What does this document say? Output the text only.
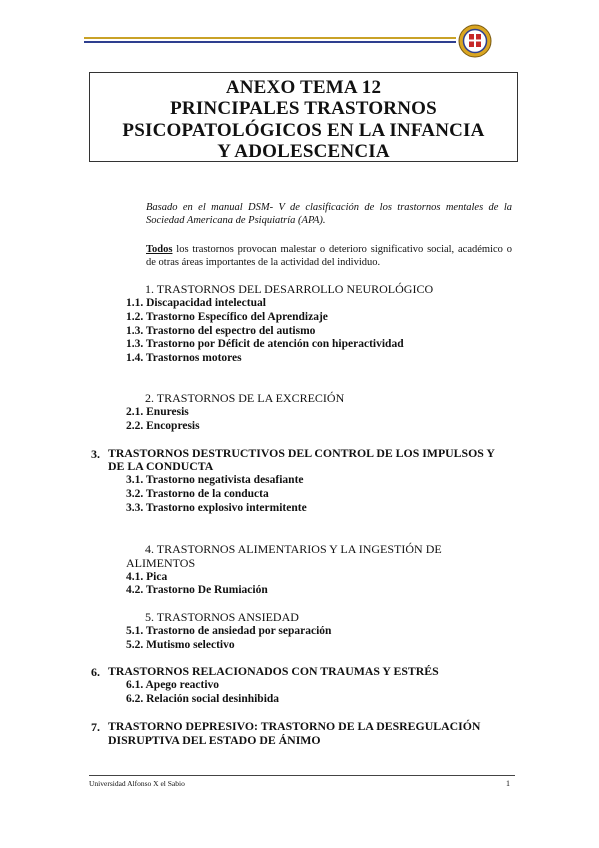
ANEXO TEMA 12
PRINCIPALES TRASTORNOS
PSICOPATOLÓGICOS EN LA INFANCIA
Y ADOLESCENCIA
Basado en el manual DSM- V de clasificación de los trastornos mentales de la Sociedad Americana de Psiquiatría (APA).
Todos los trastornos provocan malestar o deterioro significativo social, académico o de otras áreas importantes de la actividad del individuo.
1. TRASTORNOS DEL DESARROLLO NEUROLÓGICO
1.1. Discapacidad intelectual
1.2. Trastorno Específico del Aprendizaje
1.3. Trastorno del espectro del autismo
1.3. Trastorno por Déficit de atención con hiperactividad
1.4. Trastornos motores
2. TRASTORNOS DE LA EXCRECIÓN
2.1. Enuresis
2.2. Encopresis
3. TRASTORNOS DESTRUCTIVOS DEL CONTROL DE LOS IMPULSOS Y
DE LA CONDUCTA
3.1. Trastorno negativista desafiante
3.2. Trastorno de la conducta
3.3. Trastorno explosivo intermitente
4. TRASTORNOS ALIMENTARIOS Y LA INGESTIÓN DE
ALIMENTOS
4.1. Pica
4.2. Trastorno De Rumiación
5. TRASTORNOS ANSIEDAD
5.1. Trastorno de ansiedad por separación
5.2. Mutismo selectivo
6. TRASTORNOS RELACIONADOS CON TRAUMAS Y ESTRÉS
6.1. Apego reactivo
6.2. Relación social desinhibida
7. TRASTORNO DEPRESIVO: TRASTORNO DE LA DESREGULACIÓN
DISRUPTIVA DEL ESTADO DE ÁNIMO
Universidad Alfonso X el Sabio	1
